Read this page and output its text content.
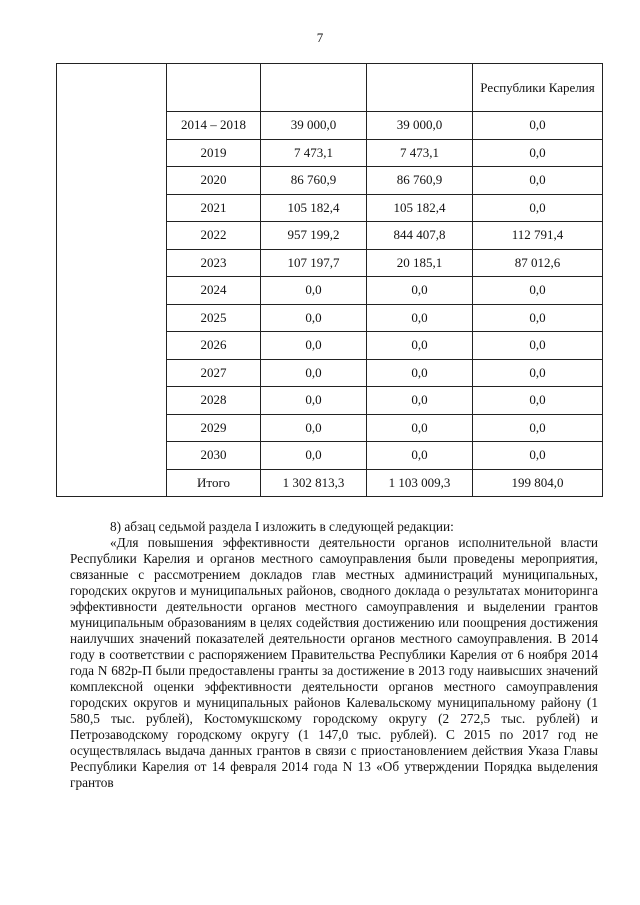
7
				Республики Карелия
	2014 – 2018	39 000,0	39 000,0	0,0
	2019	7 473,1	7 473,1	0,0
	2020	86 760,9	86 760,9	0,0
	2021	105 182,4	105 182,4	0,0
	2022	957 199,2	844 407,8	112 791,4
	2023	107 197,7	20 185,1	87 012,6
	2024	0,0	0,0	0,0
	2025	0,0	0,0	0,0
	2026	0,0	0,0	0,0
	2027	0,0	0,0	0,0
	2028	0,0	0,0	0,0
	2029	0,0	0,0	0,0
	2030	0,0	0,0	0,0
	Итого	1 302 813,3	1 103 009,3	199 804,0

8) абзац седьмой раздела I изложить в следующей редакции:

«Для повышения эффективности деятельности органов исполнительной власти Республики Карелия и органов местного самоуправления были проведены мероприятия, связанные с рассмотрением докладов глав местных администраций муниципальных, городских округов и муниципальных районов, сводного доклада о результатах мониторинга эффективности деятельности органов местного самоуправления и выделении грантов муниципальным образованиям в целях содействия достижению или поощрения достижения наилучших значений показателей деятельности органов местного самоуправления. В 2014 году в соответствии с распоряжением Правительства Республики Карелия от 6 ноября 2014 года N 682р-П были предоставлены гранты за достижение в 2013 году наивысших значений комплексной оценки эффективности деятельности органов местного самоуправления городских округов и муниципальных районов Калевальскому муниципальному району (1 580,5 тыс. рублей), Костомукшскому городскому округу (2 272,5 тыс. рублей) и Петрозаводскому городскому округу (1 147,0 тыс. рублей). С 2015 по 2017 год не осуществлялась выдача данных грантов в связи с приостановлением действия Указа Главы Республики Карелия от 14 февраля 2014 года N 13 «Об утверждении Порядка выделения грантов
